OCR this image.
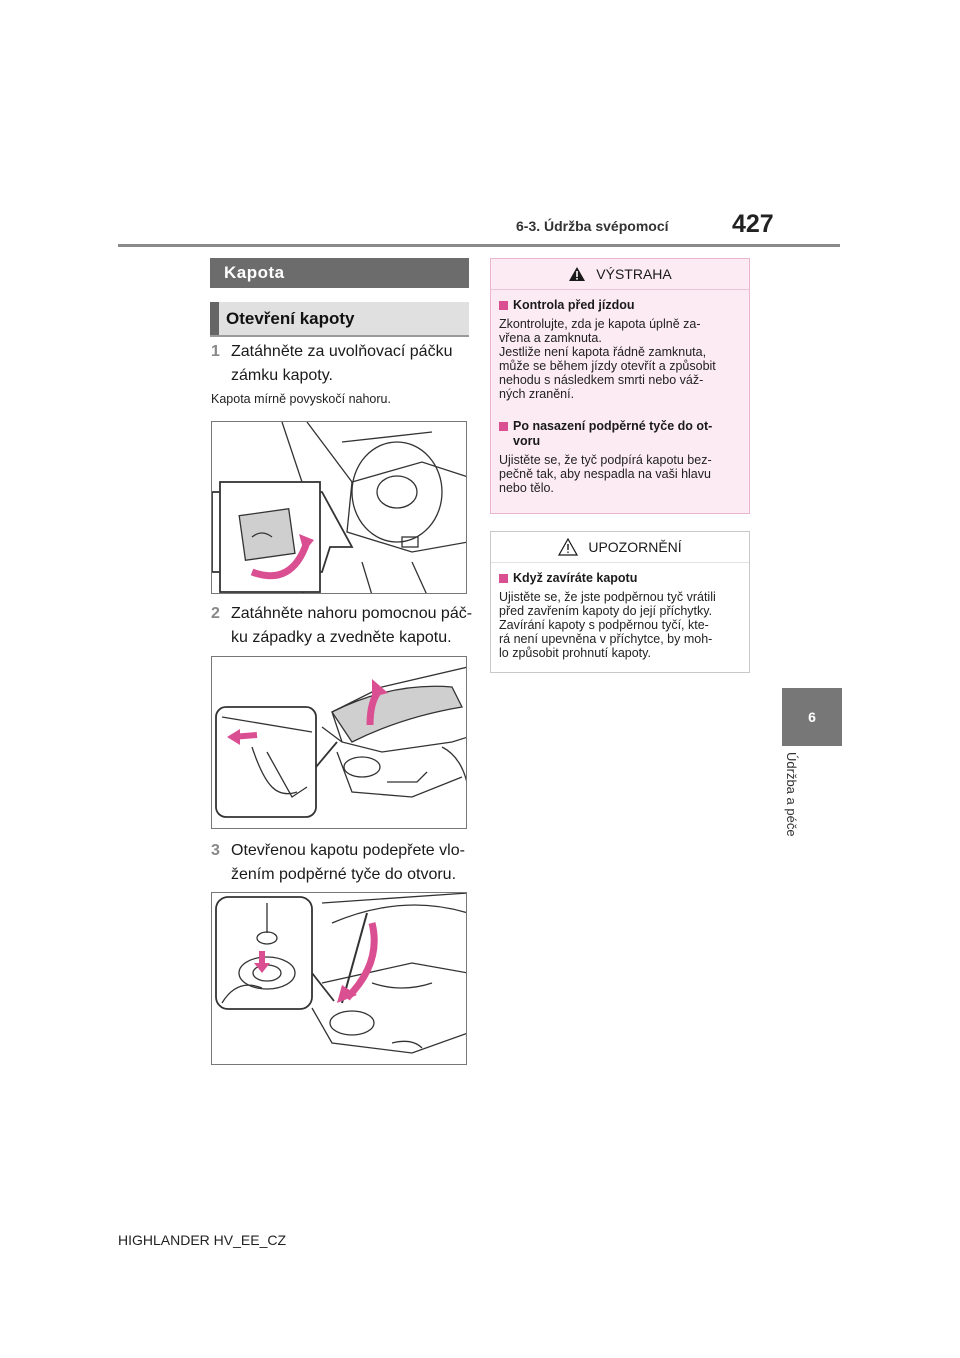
6-3. Údržba svépomocí	427
6
Údržba a péče
Kapota
Otevření kapoty
1 Zatáhněte za uvolňovací páčku
zámku kapoty.
Kapota mírně povyskočí nahoru.
2 Zatáhněte nahoru pomocnou páč-
ku západky a zvedněte kapotu.
3 Otevřenou kapotu podepřete vlo-
žením podpěrné tyče do otvoru.
VÝSTRAHA
Kontrola před jízdou
Zkontrolujte, zda je kapota úplně za-
vřena a zamknuta.
Jestliže není kapota řádně zamknuta,
může se během jízdy otevřít a způsobit
nehodu s následkem smrti nebo váž-
ných zranění.
Po nasazení podpěrné tyče do ot-
voru
Ujistěte se, že tyč podpírá kapotu bez-
pečně tak, aby nespadla na vaši hlavu
nebo tělo.
UPOZORNĚNÍ
Když zavíráte kapotu
Ujistěte se, že jste podpěrnou tyč vrátili
před zavřením kapoty do její příchytky.
Zavírání kapoty s podpěrnou tyčí, kte-
rá není upevněna v příchytce, by moh-
lo způsobit prohnutí kapoty.
HIGHLANDER HV_EE_CZ
